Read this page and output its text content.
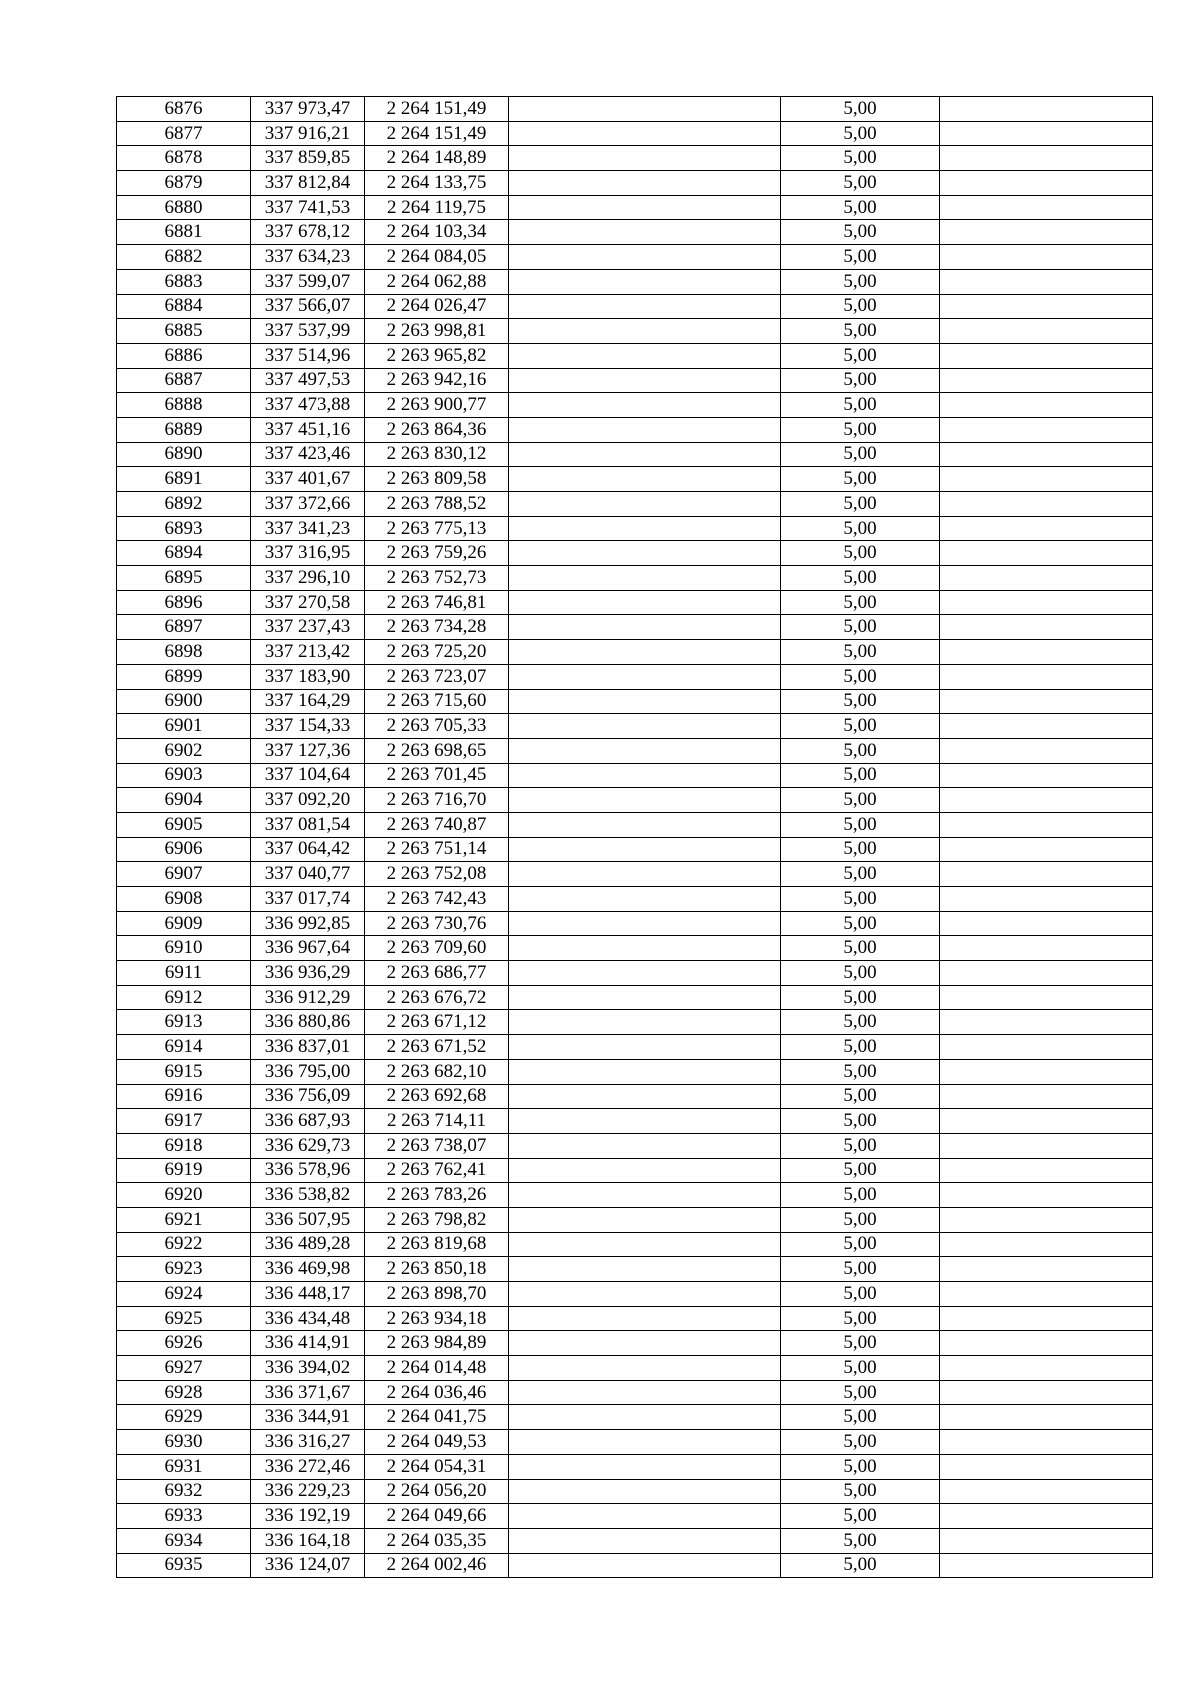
6876	337 973,47	2 264 151,49		5,00	
6877	337 916,21	2 264 151,49		5,00	
6878	337 859,85	2 264 148,89		5,00	
6879	337 812,84	2 264 133,75		5,00	
6880	337 741,53	2 264 119,75		5,00	
6881	337 678,12	2 264 103,34		5,00	
6882	337 634,23	2 264 084,05		5,00	
6883	337 599,07	2 264 062,88		5,00	
6884	337 566,07	2 264 026,47		5,00	
6885	337 537,99	2 263 998,81		5,00	
6886	337 514,96	2 263 965,82		5,00	
6887	337 497,53	2 263 942,16		5,00	
6888	337 473,88	2 263 900,77		5,00	
6889	337 451,16	2 263 864,36		5,00	
6890	337 423,46	2 263 830,12		5,00	
6891	337 401,67	2 263 809,58		5,00	
6892	337 372,66	2 263 788,52		5,00	
6893	337 341,23	2 263 775,13		5,00	
6894	337 316,95	2 263 759,26		5,00	
6895	337 296,10	2 263 752,73		5,00	
6896	337 270,58	2 263 746,81		5,00	
6897	337 237,43	2 263 734,28		5,00	
6898	337 213,42	2 263 725,20		5,00	
6899	337 183,90	2 263 723,07		5,00	
6900	337 164,29	2 263 715,60		5,00	
6901	337 154,33	2 263 705,33		5,00	
6902	337 127,36	2 263 698,65		5,00	
6903	337 104,64	2 263 701,45		5,00	
6904	337 092,20	2 263 716,70		5,00	
6905	337 081,54	2 263 740,87		5,00	
6906	337 064,42	2 263 751,14		5,00	
6907	337 040,77	2 263 752,08		5,00	
6908	337 017,74	2 263 742,43		5,00	
6909	336 992,85	2 263 730,76		5,00	
6910	336 967,64	2 263 709,60		5,00	
6911	336 936,29	2 263 686,77		5,00	
6912	336 912,29	2 263 676,72		5,00	
6913	336 880,86	2 263 671,12		5,00	
6914	336 837,01	2 263 671,52		5,00	
6915	336 795,00	2 263 682,10		5,00	
6916	336 756,09	2 263 692,68		5,00	
6917	336 687,93	2 263 714,11		5,00	
6918	336 629,73	2 263 738,07		5,00	
6919	336 578,96	2 263 762,41		5,00	
6920	336 538,82	2 263 783,26		5,00	
6921	336 507,95	2 263 798,82		5,00	
6922	336 489,28	2 263 819,68		5,00	
6923	336 469,98	2 263 850,18		5,00	
6924	336 448,17	2 263 898,70		5,00	
6925	336 434,48	2 263 934,18		5,00	
6926	336 414,91	2 263 984,89		5,00	
6927	336 394,02	2 264 014,48		5,00	
6928	336 371,67	2 264 036,46		5,00	
6929	336 344,91	2 264 041,75		5,00	
6930	336 316,27	2 264 049,53		5,00	
6931	336 272,46	2 264 054,31		5,00	
6932	336 229,23	2 264 056,20		5,00	
6933	336 192,19	2 264 049,66		5,00	
6934	336 164,18	2 264 035,35		5,00	
6935	336 124,07	2 264 002,46		5,00	
